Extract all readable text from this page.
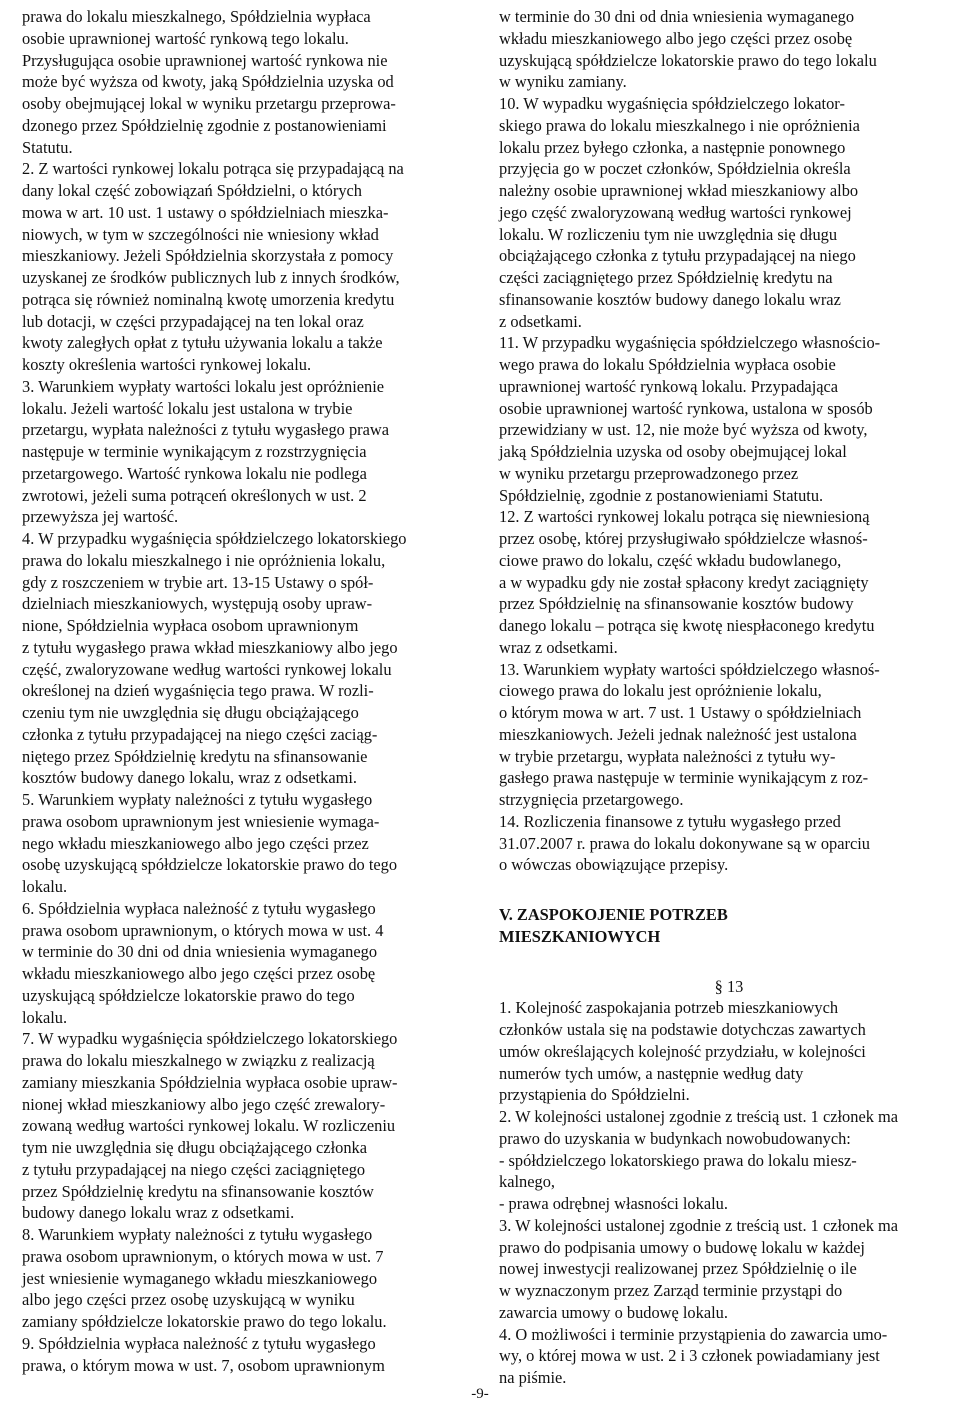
prawa do lokalu mieszkalnego, Spółdzielnia wypłaca
osobie uprawnionej wartość rynkową tego lokalu.
Przysługująca osobie uprawnionej wartość rynkowa nie
może być wyższa od kwoty, jaką Spółdzielnia uzyska od
osoby obejmującej lokal w wyniku przetargu przeprowa-
dzonego przez Spółdzielnię zgodnie z postanowieniami
Statutu.
2. Z wartości rynkowej lokalu potrąca się przypadającą na
dany lokal część zobowiązań Spółdzielni, o których
mowa w art. 10 ust. 1 ustawy o spółdzielniach mieszka-
niowych, w tym w szczególności nie wniesiony wkład
mieszkaniowy. Jeżeli Spółdzielnia skorzystała z pomocy
uzyskanej ze środków publicznych lub z innych środków,
potrąca się również nominalną kwotę umorzenia kredytu
lub dotacji, w części przypadającej na ten lokal oraz
kwoty zaległych opłat z tytułu używania lokalu a także
koszty określenia wartości rynkowej lokalu.
3. Warunkiem wypłaty wartości lokalu jest opróżnienie
lokalu. Jeżeli wartość lokalu jest ustalona w trybie
przetargu, wypłata należności z tytułu wygasłego prawa
następuje w terminie wynikającym z rozstrzygnięcia
przetargowego. Wartość rynkowa lokalu nie podlega
zwrotowi, jeżeli suma potrąceń określonych w ust. 2
przewyższa jej wartość.
4. W przypadku wygaśnięcia spółdzielczego lokatorskiego
prawa do lokalu mieszkalnego i nie opróżnienia lokalu,
gdy z roszczeniem w trybie art. 13-15 Ustawy o spół-
dzielniach mieszkaniowych, występują osoby upraw-
nione, Spółdzielnia wypłaca osobom uprawnionym
z tytułu wygasłego prawa wkład mieszkaniowy albo jego
część, zwaloryzowane według wartości rynkowej lokalu
określonej na dzień wygaśnięcia tego prawa. W rozli-
czeniu tym nie uwzględnia się długu obciążającego
członka z tytułu przypadającej na niego części zaciąg-
niętego przez Spółdzielnię kredytu na sfinansowanie
kosztów budowy danego lokalu, wraz z odsetkami.
5. Warunkiem wypłaty należności z tytułu wygasłego
prawa osobom uprawnionym jest wniesienie wymaga-
nego wkładu mieszkaniowego albo jego części przez
osobę uzyskującą spółdzielcze lokatorskie prawo do tego
lokalu.
6. Spółdzielnia wypłaca należność z tytułu wygasłego
prawa osobom uprawnionym, o których mowa w ust. 4
w terminie do 30 dni od dnia wniesienia wymaganego
wkładu mieszkaniowego albo jego części przez osobę
uzyskującą spółdzielcze lokatorskie prawo do tego
lokalu.
7. W wypadku wygaśnięcia spółdzielczego lokatorskiego
prawa do lokalu mieszkalnego w związku z realizacją
zamiany mieszkania Spółdzielnia wypłaca osobie upraw-
nionej wkład mieszkaniowy albo jego część zrewalory-
zowaną według wartości rynkowej lokalu. W rozliczeniu
tym nie uwzględnia się długu obciążającego członka
z tytułu przypadającej na niego części zaciągniętego
przez Spółdzielnię kredytu na sfinansowanie kosztów
budowy danego lokalu wraz z odsetkami.
8. Warunkiem wypłaty należności z tytułu wygasłego
prawa osobom uprawnionym, o których mowa w ust. 7
jest wniesienie wymaganego wkładu mieszkaniowego
albo jego części przez osobę uzyskującą w wyniku
zamiany spółdzielcze lokatorskie prawo do tego lokalu.
9. Spółdzielnia wypłaca należność z tytułu wygasłego
prawa, o którym mowa w ust. 7, osobom uprawnionym
w terminie do 30 dni od dnia wniesienia wymaganego
wkładu mieszkaniowego albo jego części przez osobę
uzyskującą spółdzielcze lokatorskie prawo do tego lokalu
w wyniku zamiany.
10. W wypadku wygaśnięcia spółdzielczego lokator-
skiego prawa do lokalu mieszkalnego i nie opróżnienia
lokalu przez byłego członka, a następnie ponownego
przyjęcia go w poczet członków, Spółdzielnia określa
należny osobie uprawnionej wkład mieszkaniowy albo
jego część zwaloryzowaną według wartości rynkowej
lokalu. W rozliczeniu tym nie uwzględnia się długu
obciążającego członka z tytułu przypadającej na niego
części zaciągniętego przez Spółdzielnię kredytu na
sfinansowanie kosztów budowy danego lokalu wraz
z odsetkami.
11. W przypadku wygaśnięcia spółdzielczego własnościo-
wego prawa do lokalu Spółdzielnia wypłaca osobie
uprawnionej wartość rynkową lokalu. Przypadająca
osobie uprawnionej wartość rynkowa, ustalona w sposób
przewidziany w ust. 12, nie może być wyższa od kwoty,
jaką Spółdzielnia uzyska od osoby obejmującej lokal
w wyniku przetargu przeprowadzonego przez
Spółdzielnię, zgodnie z postanowieniami Statutu.
12. Z wartości rynkowej lokalu potrąca się niewniesioną
przez osobę, której przysługiwało spółdzielcze własnoś-
ciowe prawo do lokalu, część wkładu budowlanego,
a w wypadku gdy nie został spłacony kredyt zaciągnięty
przez Spółdzielnię na sfinansowanie kosztów budowy
danego lokalu – potrąca się kwotę niespłaconego kredytu
wraz z odsetkami.
13. Warunkiem wypłaty wartości spółdzielczego własnoś-
ciowego prawa do lokalu jest opróżnienie lokalu,
o którym mowa w art. 7 ust. 1 Ustawy o spółdzielniach
mieszkaniowych. Jeżeli jednak należność jest ustalona
w trybie przetargu, wypłata należności z tytułu wy-
gasłego prawa następuje w terminie wynikającym z roz-
strzygnięcia przetargowego.
14. Rozliczenia finansowe z tytułu wygasłego przed
31.07.2007 r. prawa do lokalu dokonywane są w oparciu
o wówczas obowiązujące przepisy.
V. ZASPOKOJENIE POTRZEB
MIESZKANIOWYCH
§ 13
1. Kolejność zaspokajania potrzeb mieszkaniowych
członków ustala się na podstawie dotychczas zawartych
umów określających kolejność przydziału, w kolejności
numerów tych umów, a następnie według daty
przystąpienia do Spółdzielni.
2. W kolejności ustalonej zgodnie z treścią ust. 1 członek ma
prawo do uzyskania w budynkach nowobudowanych:
- spółdzielczego lokatorskiego prawa do lokalu miesz-
kalnego,
- prawa odrębnej własności lokalu.
3. W kolejności ustalonej zgodnie z treścią ust. 1 członek ma
prawo do podpisania umowy o budowę lokalu w każdej
nowej inwestycji realizowanej przez Spółdzielnię o ile
w wyznaczonym przez Zarząd terminie przystąpi do
zawarcia umowy o budowę lokalu.
4. O możliwości i terminie przystąpienia do zawarcia umo-
wy, o której mowa w ust. 2 i 3 członek powiadamiany jest
na piśmie.
-9-
